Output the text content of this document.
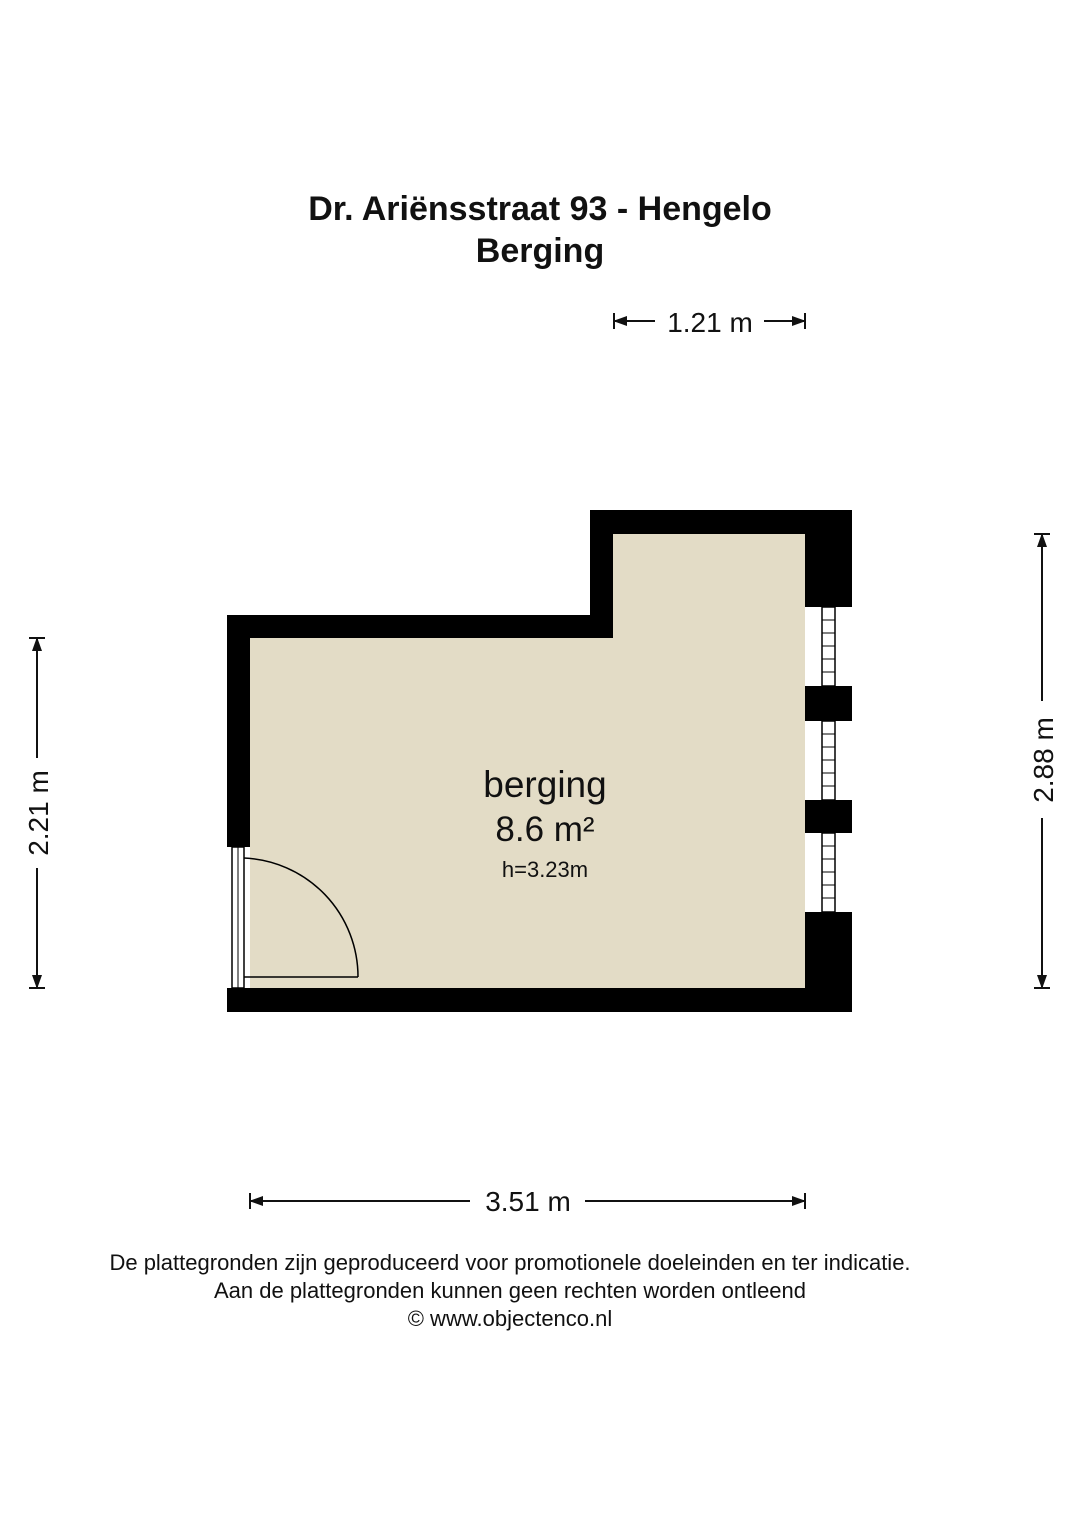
Dr. Ariënsstraat 93 - Hengelo
Berging
berging
8.6 m²
h=3.23m
1.21 m
3.51 m
2.21 m
2.88 m
De plattegronden zijn geproduceerd voor promotionele doeleinden en ter indicatie.
Aan de plattegronden kunnen geen rechten worden ontleend
© www.objectenco.nl
